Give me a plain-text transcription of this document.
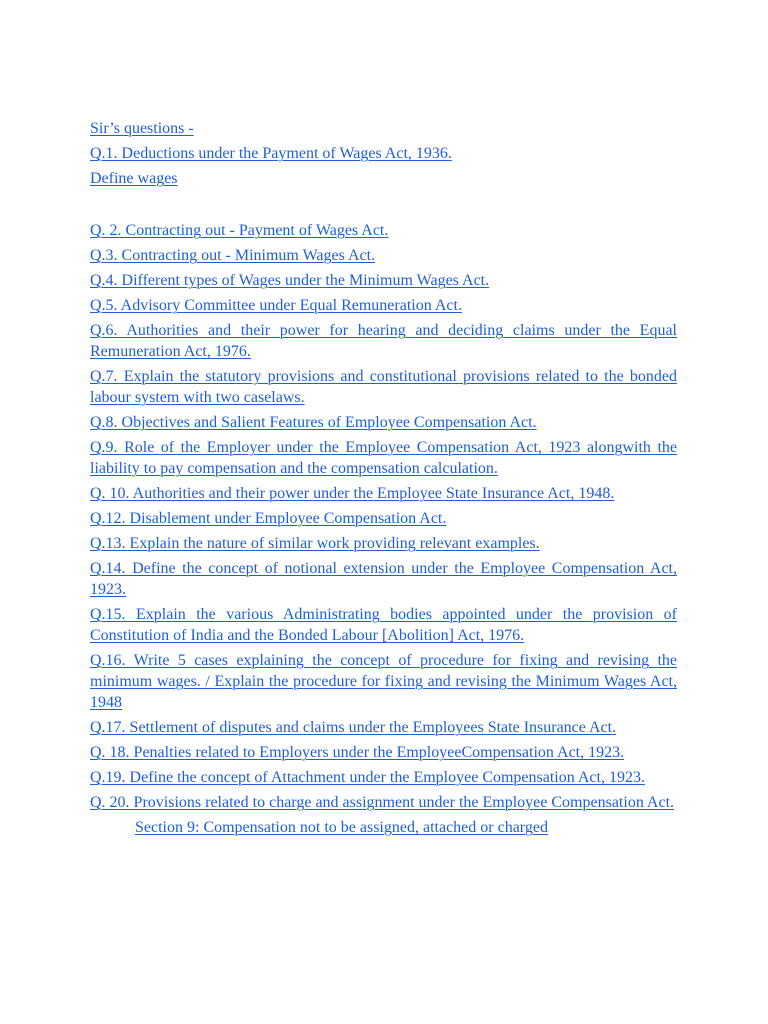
Sir’s questions -
Q.1. Deductions under the Payment of Wages Act, 1936.
Define wages
Q. 2. Contracting out - Payment of Wages Act.
Q.3. Contracting out - Minimum Wages Act.
Q.4. Different types of Wages under the Minimum Wages Act.
Q.5. Advisory Committee under Equal Remuneration Act.
Q.6. Authorities and their power for hearing and deciding claims under the Equal Remuneration Act, 1976.
Q.7. Explain the statutory provisions and constitutional provisions related to the bonded labour system with two caselaws.
Q.8. Objectives and Salient Features of Employee Compensation Act.
Q.9. Role of the Employer under the Employee Compensation Act, 1923 alongwith the liability to pay compensation and the compensation calculation.
Q. 10. Authorities and their power under the Employee State Insurance Act, 1948.
Q.12. Disablement under Employee Compensation Act.
Q.13. Explain the nature of similar work providing relevant examples.
Q.14. Define the concept of notional extension under the Employee Compensation Act, 1923.
Q.15. Explain the various Administrating bodies appointed under the provision of Constitution of India and the Bonded Labour [Abolition] Act, 1976.
Q.16. Write 5 cases explaining the concept of procedure for fixing and revising the minimum wages. / Explain the procedure for fixing and revising the Minimum Wages Act, 1948
Q.17. Settlement of disputes and claims under the Employees State Insurance Act.
Q. 18. Penalties related to Employers under the EmployeeCompensation Act, 1923.
Q.19. Define the concept of Attachment under the Employee Compensation Act, 1923.
Q. 20. Provisions related to charge and assignment under the Employee Compensation Act.
Section 9: Compensation not to be assigned, attached or charged
